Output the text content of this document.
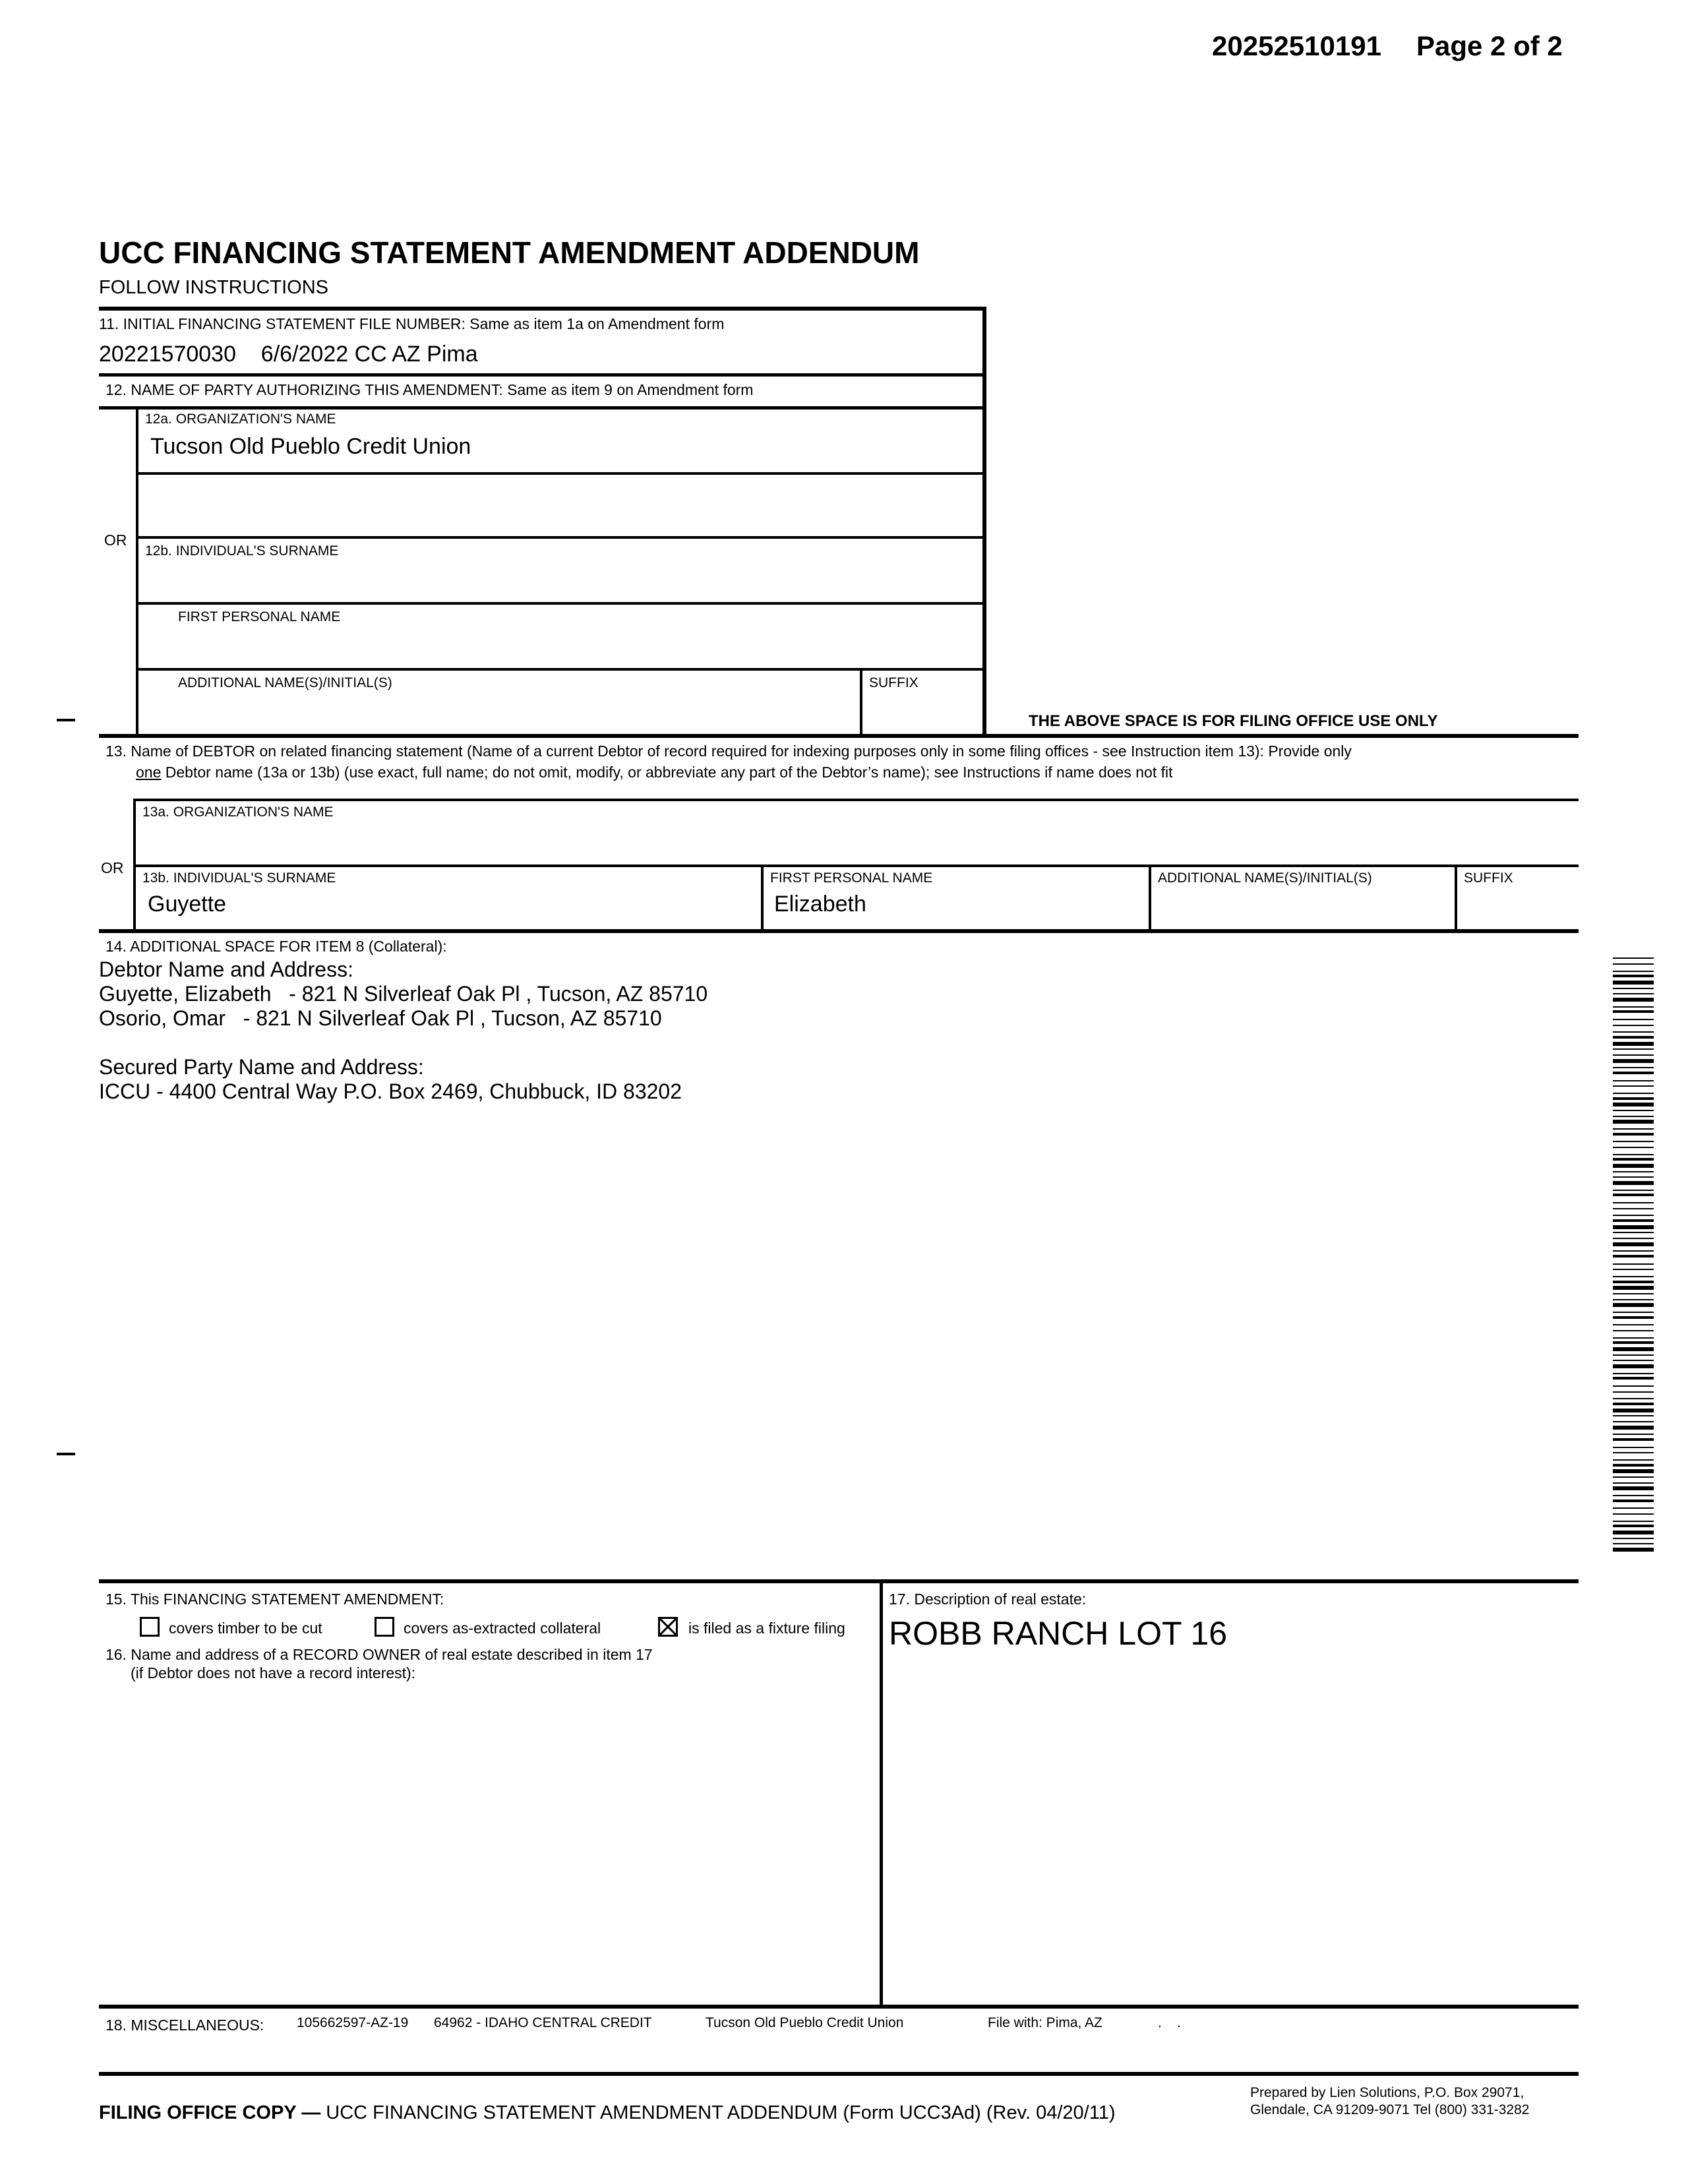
20252510191 Page 2 of 2
UCC FINANCING STATEMENT AMENDMENT ADDENDUM
FOLLOW INSTRUCTIONS
11. INITIAL FINANCING STATEMENT FILE NUMBER: Same as item 1a on Amendment form
20221570030    6/6/2022 CC AZ Pima
12. NAME OF PARTY AUTHORIZING THIS AMENDMENT: Same as item 9 on Amendment form
12a. ORGANIZATION'S NAME
Tucson Old Pueblo Credit Union
OR
12b. INDIVIDUAL'S SURNAME
FIRST PERSONAL NAME
ADDITIONAL NAME(S)/INITIAL(S)	SUFFIX
THE ABOVE SPACE IS FOR FILING OFFICE USE ONLY
13. Name of DEBTOR on related financing statement (Name of a current Debtor of record required for indexing purposes only in some filing offices - see Instruction item 13): Provide only
one Debtor name (13a or 13b) (use exact, full name; do not omit, modify, or abbreviate any part of the Debtor’s name); see Instructions if name does not fit
13a. ORGANIZATION'S NAME
OR
13b. INDIVIDUAL'S SURNAME
Guyette
FIRST PERSONAL NAME
Elizabeth
ADDITIONAL NAME(S)/INITIAL(S)	SUFFIX
14. ADDITIONAL SPACE FOR ITEM 8 (Collateral):
Debtor Name and Address:
Guyette, Elizabeth   - 821 N Silverleaf Oak Pl , Tucson, AZ 85710
Osorio, Omar   - 821 N Silverleaf Oak Pl , Tucson, AZ 85710
Secured Party Name and Address:
ICCU - 4400 Central Way P.O. Box 2469, Chubbuck, ID 83202
15. This FINANCING STATEMENT AMENDMENT:
covers timber to be cut	covers as-extracted collateral	is filed as a fixture filing
16. Name and address of a RECORD OWNER of real estate described in item 17
(if Debtor does not have a record interest):
17. Description of real estate:
ROBB RANCH LOT 16
18. MISCELLANEOUS: 105662597-AZ-19 64962 - IDAHO CENTRAL CREDIT	Tucson Old Pueblo Credit Union	File with: Pima, AZ	.    .
FILING OFFICE COPY — UCC FINANCING STATEMENT AMENDMENT ADDENDUM (Form UCC3Ad) (Rev. 04/20/11)
Prepared by Lien Solutions, P.O. Box 29071,
Glendale, CA 91209-9071 Tel (800) 331-3282
